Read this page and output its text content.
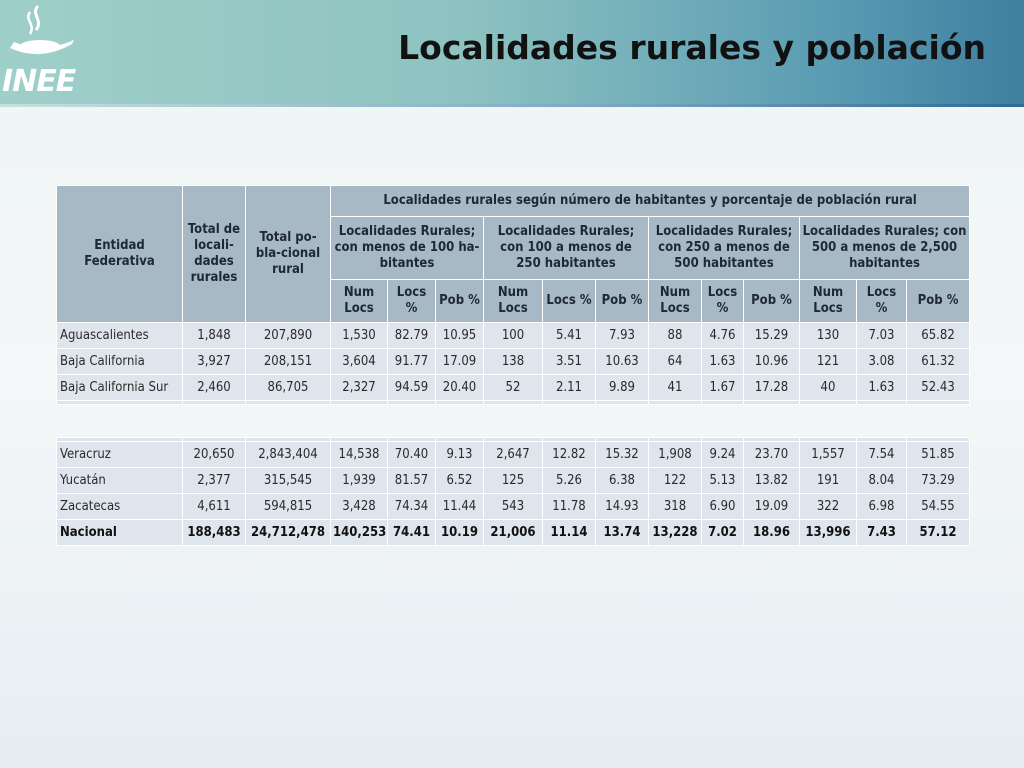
INEE
Localidades rurales y población
Entidad Federativa	Total de locali-dades rurales	Total po-bla-cional rural	Localidades rurales según número de habitantes y porcentaje de población rural											
			Localidades Rurales; con menos de 100 ha-bitantes			Localidades Rurales; con 100 a menos de 250 habitantes			Localidades Rurales; con 250 a menos de 500 habitantes			Localidades Rurales; con 500 a menos de 2,500 habitantes		
			Num Locs	Locs %	Pob %	Num Locs	Locs %	Pob %	Num Locs	Locs %	Pob %	Num Locs	Locs %	Pob %
Aguascalientes	1,848	207,890	1,530	82.79	10.95	100	5.41	7.93	88	4.76	15.29	130	7.03	65.82
Baja California	3,927	208,151	3,604	91.77	17.09	138	3.51	10.63	64	1.63	10.96	121	3.08	61.32
Baja California Sur	2,460	86,705	2,327	94.59	20.40	52	2.11	9.89	41	1.67	17.28	40	1.63	52.43

Veracruz	20,650	2,843,404	14,538	70.40	9.13	2,647	12.82	15.32	1,908	9.24	23.70	1,557	7.54	51.85
Yucatán	2,377	315,545	1,939	81.57	6.52	125	5.26	6.38	122	5.13	13.82	191	8.04	73.29
Zacatecas	4,611	594,815	3,428	74.34	11.44	543	11.78	14.93	318	6.90	19.09	322	6.98	54.55
Nacional	188,483	24,712,478	140,253	74.41	10.19	21,006	11.14	13.74	13,228	7.02	18.96	13,996	7.43	57.12
